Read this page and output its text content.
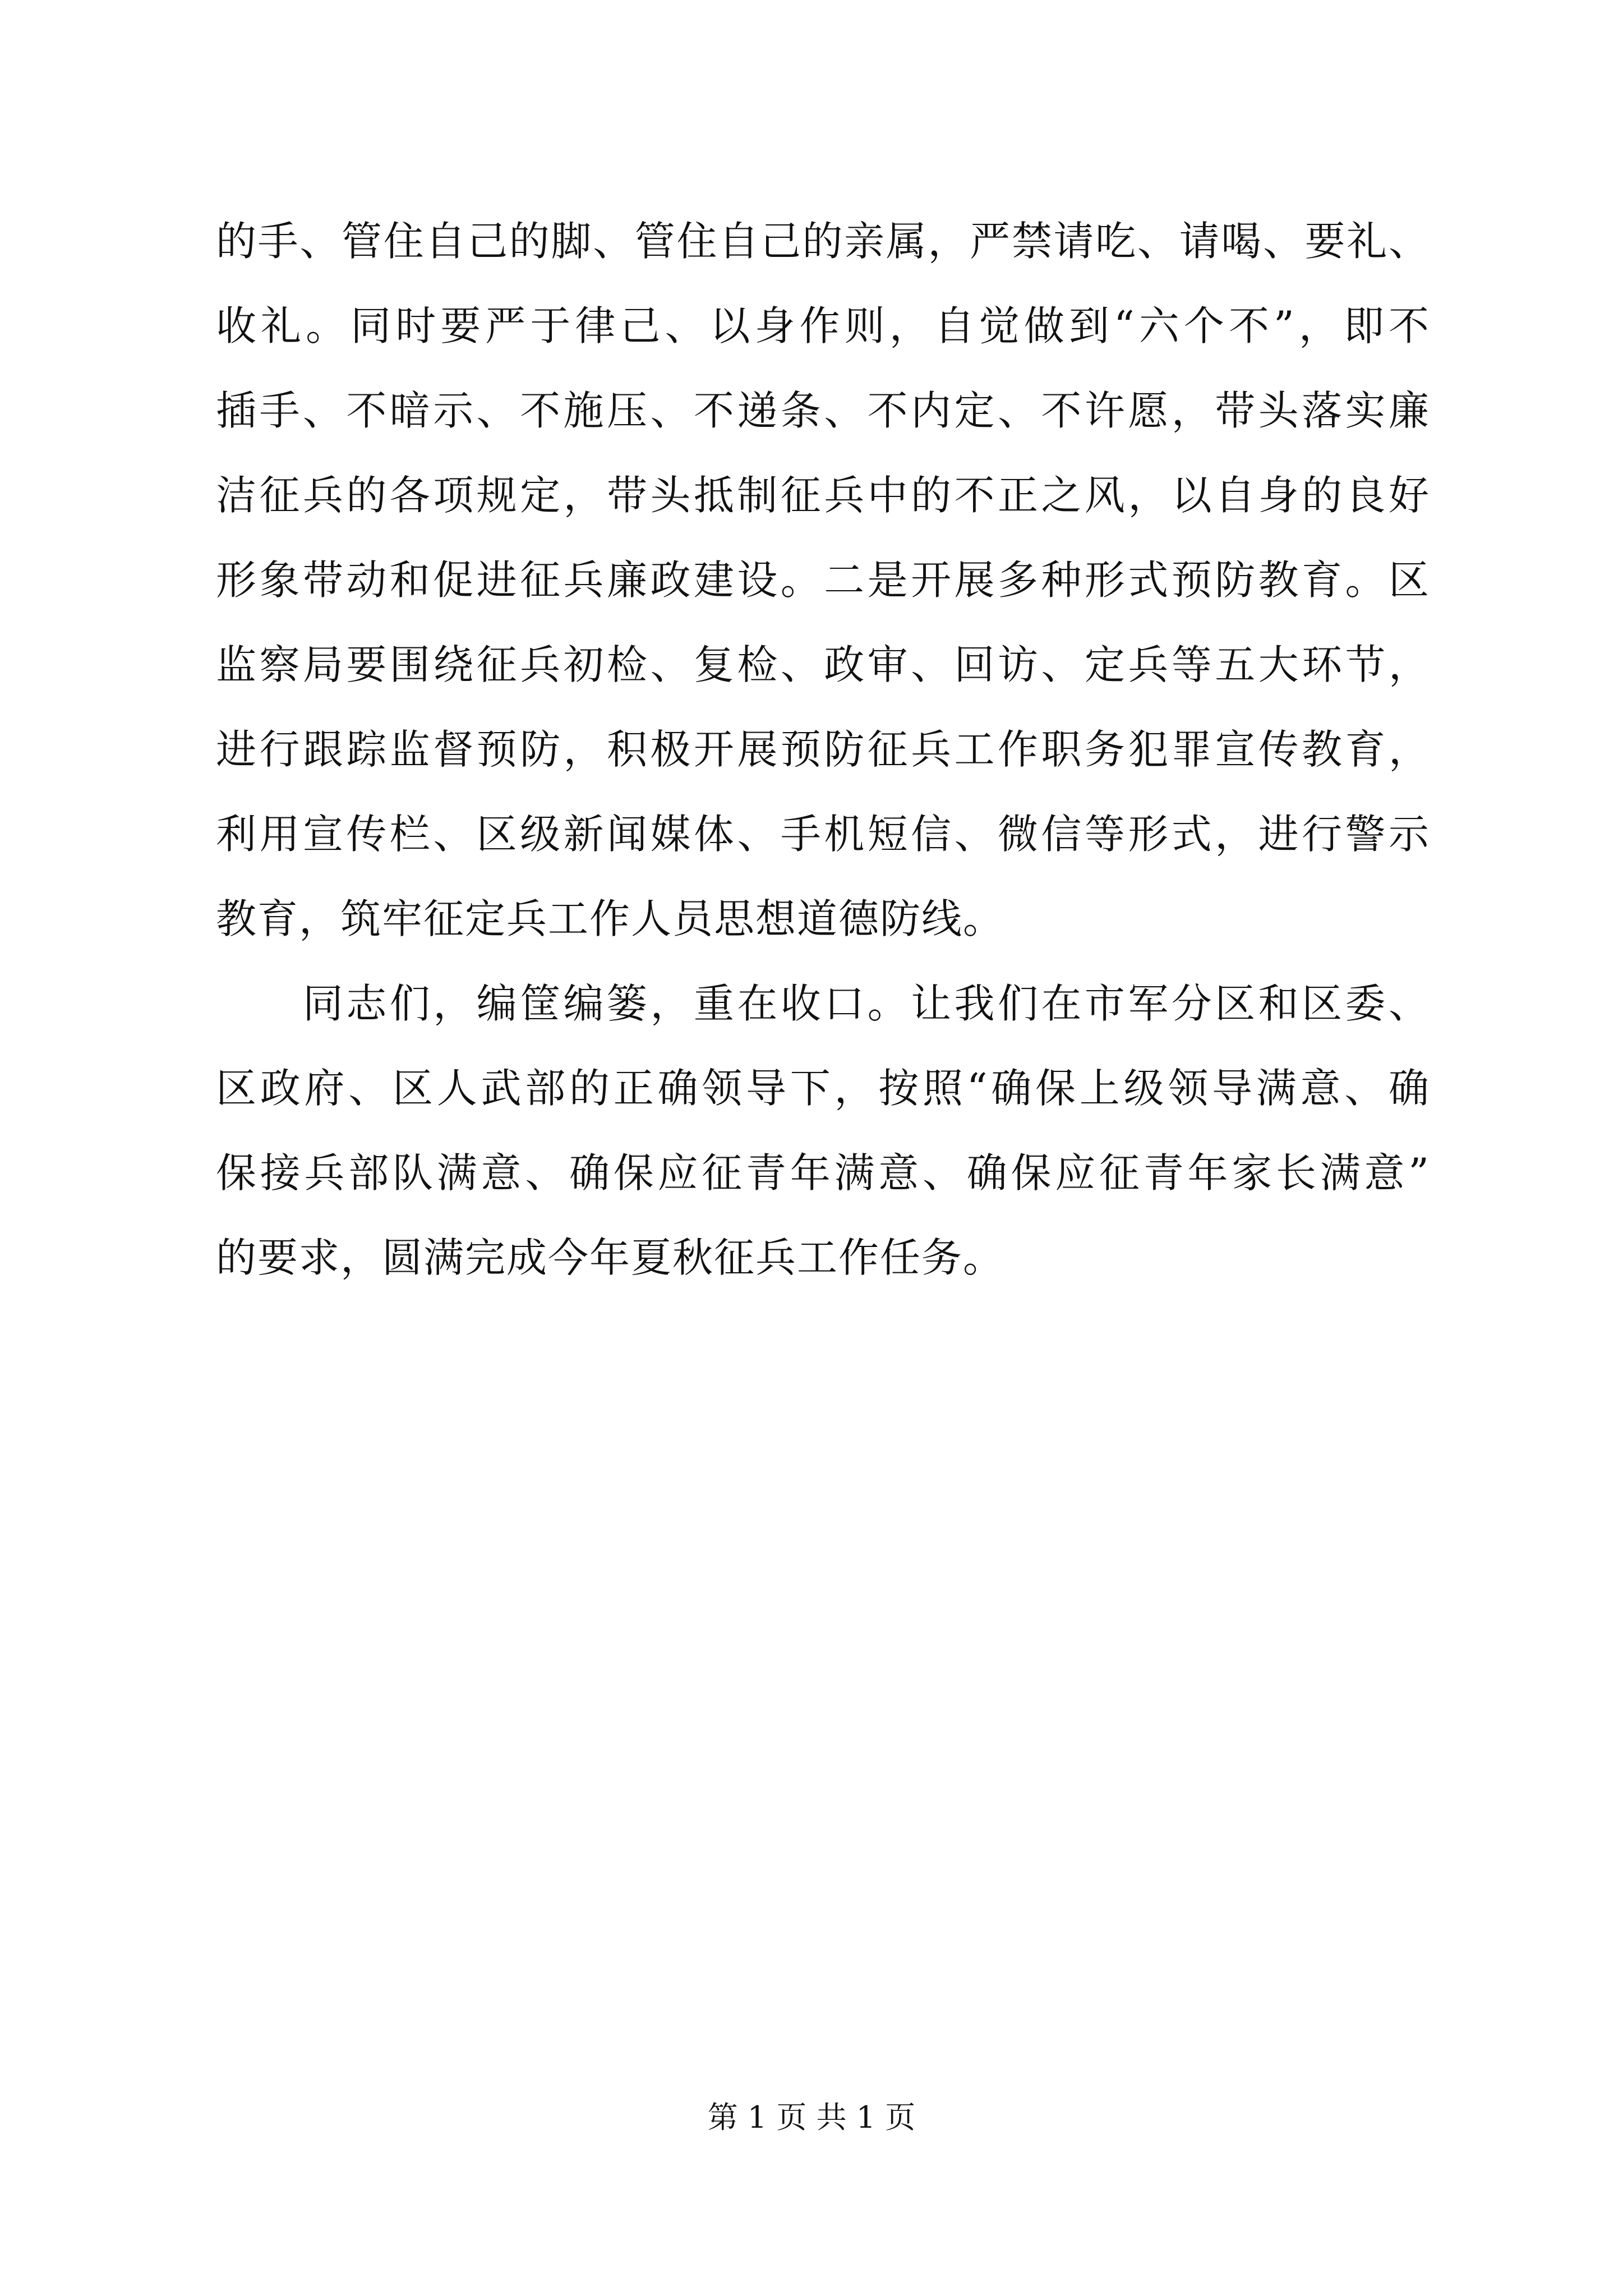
的手、管住自己的脚、管住自己的亲属，严禁请吃、请喝、要礼、
收礼。同时要严于律己、以身作则，自觉做到“六个不”，即不
插手、不暗示、不施压、不递条、不内定、不许愿，带头落实廉
洁征兵的各项规定，带头抵制征兵中的不正之风，以自身的良好
形象带动和促进征兵廉政建设。二是开展多种形式预防教育。区
监察局要围绕征兵初检、复检、政审、回访、定兵等五大环节，
进行跟踪监督预防，积极开展预防征兵工作职务犯罪宣传教育，
利用宣传栏、区级新闻媒体、手机短信、微信等形式，进行警示
教育，筑牢征定兵工作人员思想道德防线。
　　同志们，编筐编篓，重在收口。让我们在市军分区和区委、
区政府、区人武部的正确领导下，按照“确保上级领导满意、确
保接兵部队满意、确保应征青年满意、确保应征青年家长满意”
的要求，圆满完成今年夏秋征兵工作任务。
第 1 页 共 1 页
